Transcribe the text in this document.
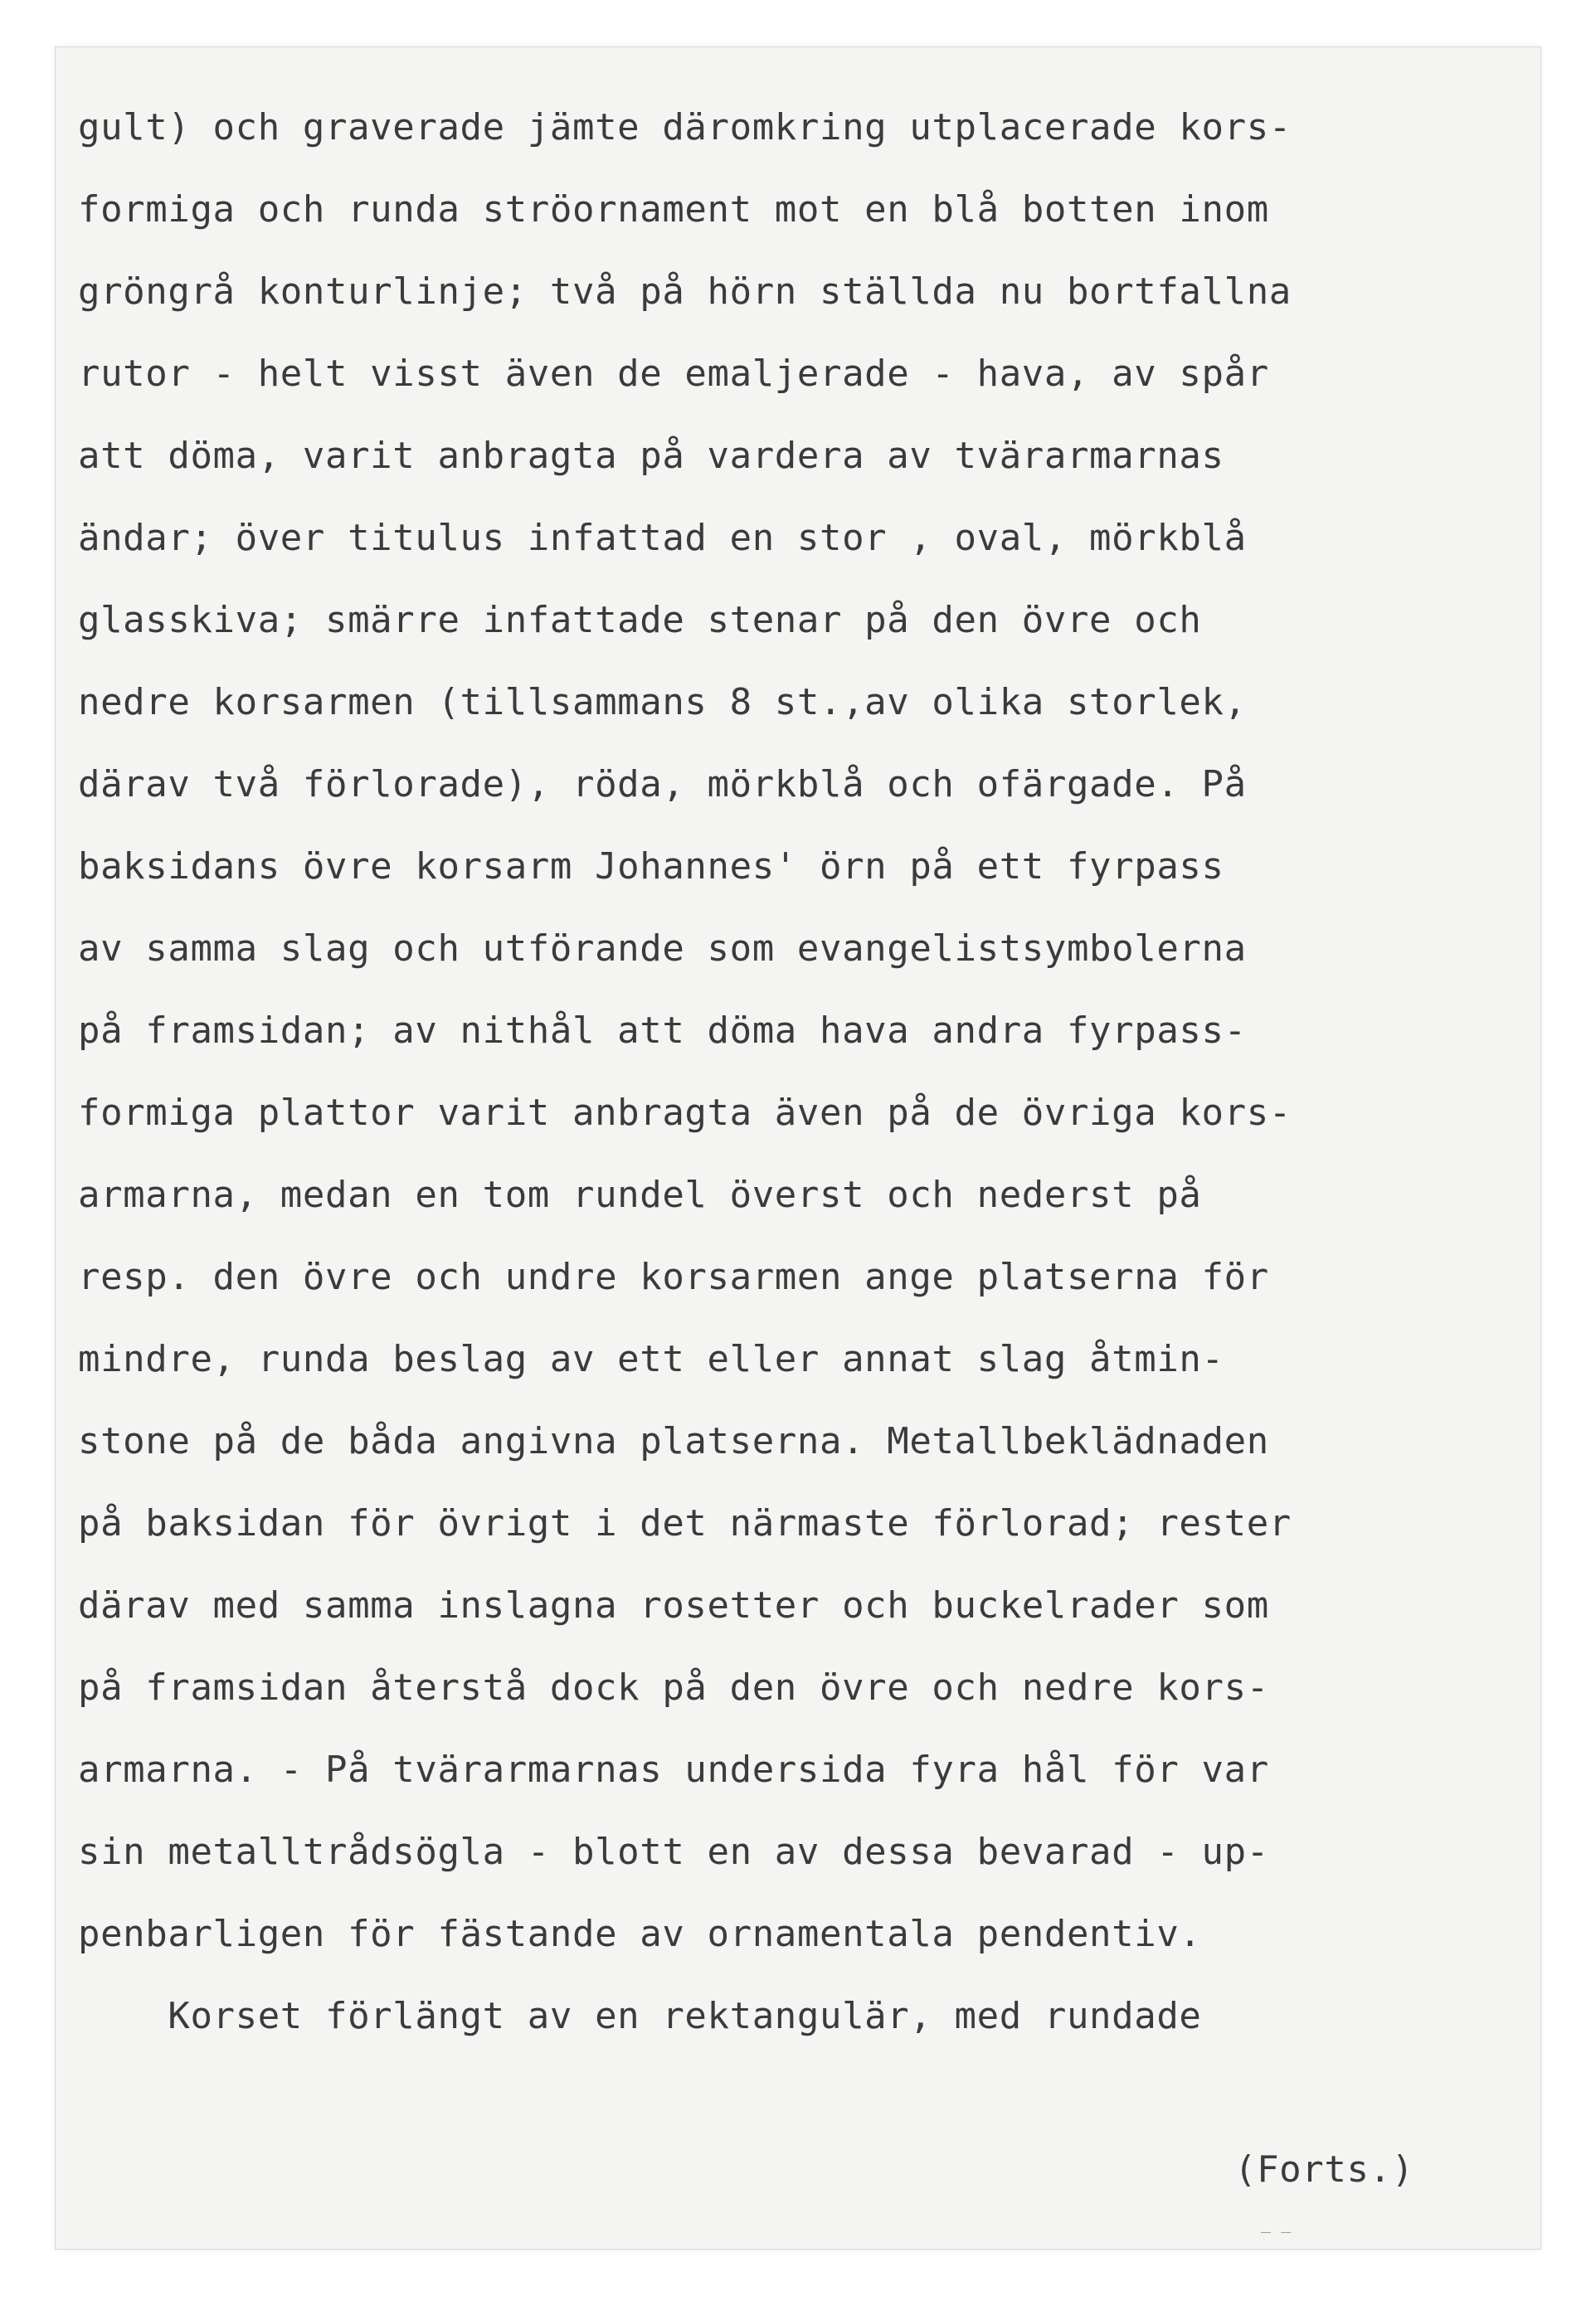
gult) och graverade jämte däromkring utplacerade kors-
formiga och runda ströornament mot en blå botten inom
gröngrå konturlinje; två på hörn ställda nu bortfallna
rutor - helt visst även de emaljerade - hava, av spår
att döma, varit anbragta på vardera av tvärarmarnas
ändar; över titulus infattad en stor , oval, mörkblå
glasskiva; smärre infattade stenar på den övre och
nedre korsarmen (tillsammans 8 st.,av olika storlek,
därav två förlorade), röda, mörkblå och ofärgade. På
baksidans övre korsarm Johannes' örn på ett fyrpass
av samma slag och utförande som evangelistsymbolerna
på framsidan; av nithål att döma hava andra fyrpass-
formiga plattor varit anbragta även på de övriga kors-
armarna, medan en tom rundel överst och nederst på
resp. den övre och undre korsarmen ange platserna för
mindre, runda beslag av ett eller annat slag åtmin-
stone på de båda angivna platserna. Metallbeklädnaden
på baksidan för övrigt i det närmaste förlorad; rester
därav med samma inslagna rosetter och buckelrader som
på framsidan återstå dock på den övre och nedre kors-
armarna. - På tvärarmarnas undersida fyra hål för var
sin metalltrådsögla - blott en av dessa bevarad - up-
penbarligen för fästande av ornamentala pendentiv.
Korset förlängt av en rektangulär, med rundade
(Forts.)
_ _
